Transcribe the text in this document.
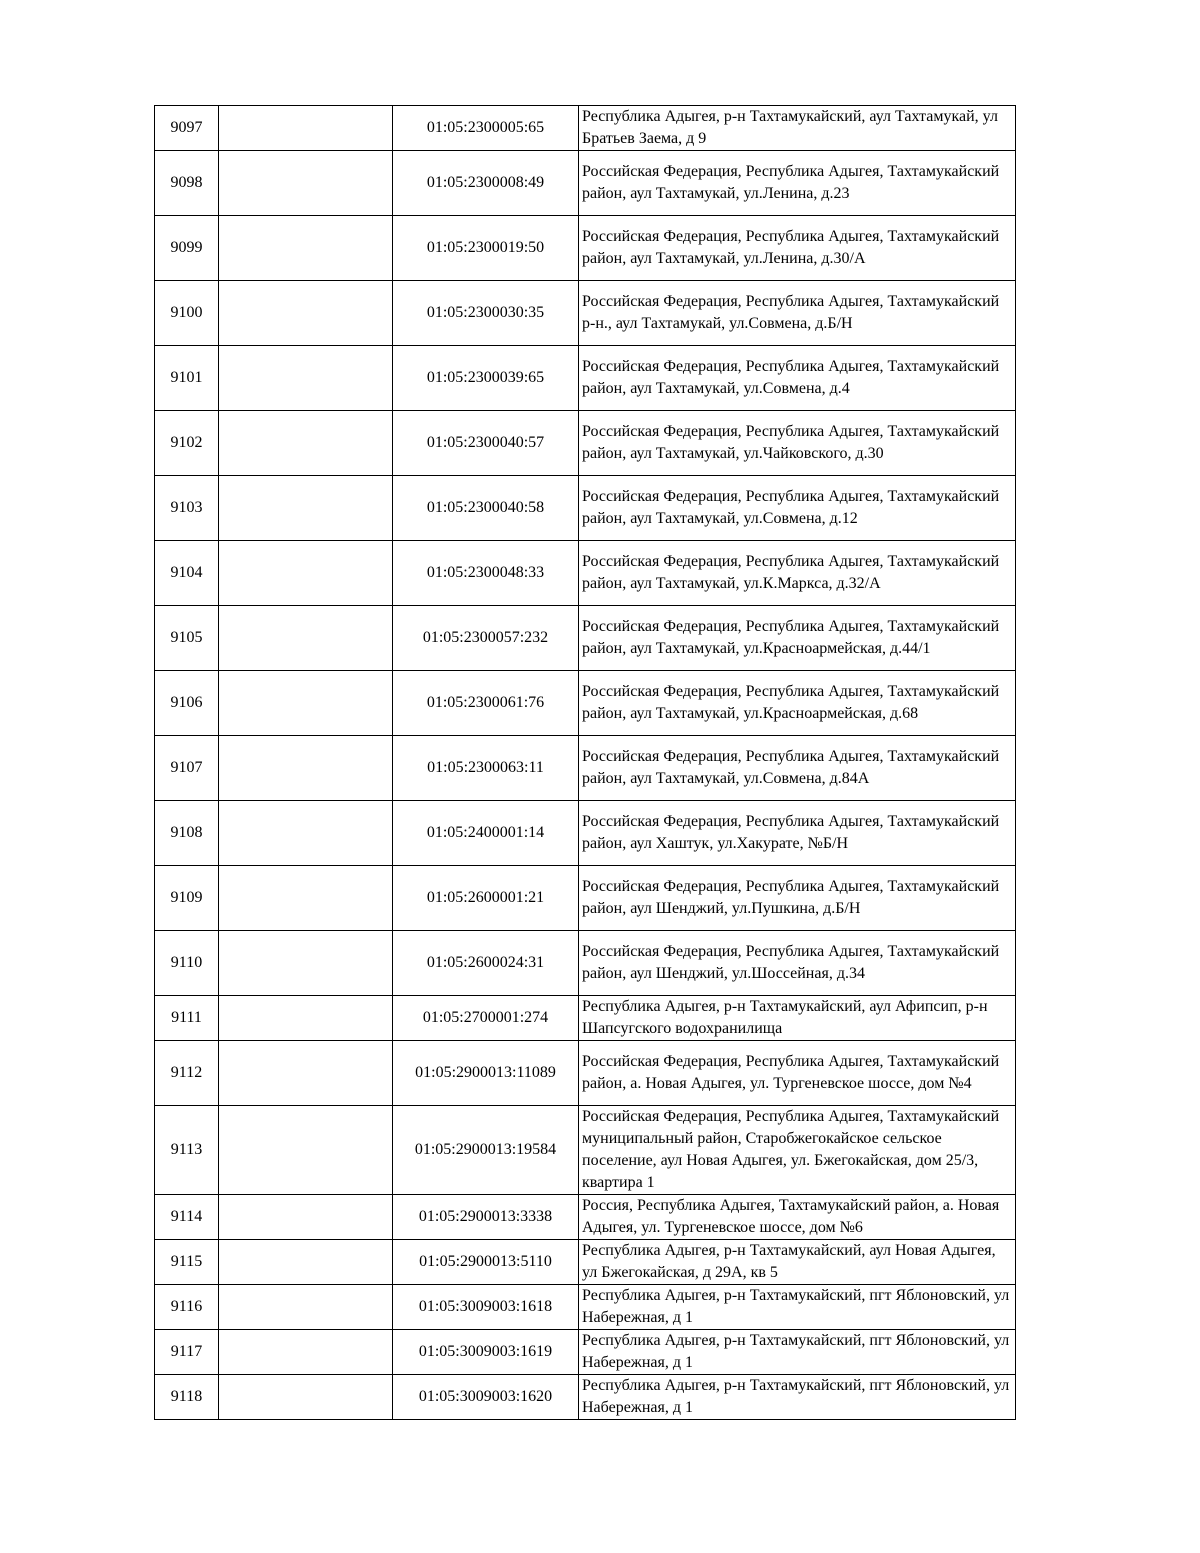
9097		01:05:2300005:65	Республика Адыгея, р-н Тахтамукайский, аул Тахтамукай, ул Братьев Заема, д 9
9098		01:05:2300008:49	Российская Федерация, Республика Адыгея, Тахтамукайский район, аул Тахтамукай, ул.Ленина, д.23
9099		01:05:2300019:50	Российская Федерация, Республика Адыгея, Тахтамукайский район, аул Тахтамукай, ул.Ленина, д.30/А
9100		01:05:2300030:35	Российская Федерация, Республика Адыгея, Тахтамукайский р-н., аул Тахтамукай, ул.Совмена, д.Б/Н
9101		01:05:2300039:65	Российская Федерация, Республика Адыгея, Тахтамукайский район, аул Тахтамукай, ул.Совмена, д.4
9102		01:05:2300040:57	Российская Федерация, Республика Адыгея, Тахтамукайский район, аул Тахтамукай, ул.Чайковского, д.30
9103		01:05:2300040:58	Российская Федерация, Республика Адыгея, Тахтамукайский район, аул Тахтамукай, ул.Совмена, д.12
9104		01:05:2300048:33	Российская Федерация, Республика Адыгея, Тахтамукайский район, аул Тахтамукай, ул.К.Маркса, д.32/А
9105		01:05:2300057:232	Российская Федерация, Республика Адыгея, Тахтамукайский район, аул Тахтамукай, ул.Красноармейская, д.44/1
9106		01:05:2300061:76	Российская Федерация, Республика Адыгея, Тахтамукайский район, аул Тахтамукай, ул.Красноармейская, д.68
9107		01:05:2300063:11	Российская Федерация, Республика Адыгея, Тахтамукайский район, аул Тахтамукай, ул.Совмена, д.84А
9108		01:05:2400001:14	Российская Федерация, Республика Адыгея, Тахтамукайский район, аул Хаштук, ул.Хакурате, №Б/Н
9109		01:05:2600001:21	Российская Федерация, Республика Адыгея, Тахтамукайский район, аул Шенджий, ул.Пушкина, д.Б/Н
9110		01:05:2600024:31	Российская Федерация, Республика Адыгея, Тахтамукайский район, аул Шенджий, ул.Шоссейная, д.34
9111		01:05:2700001:274	Республика Адыгея, р-н Тахтамукайский, аул Афипсип, р-н Шапсугского водохранилища
9112		01:05:2900013:11089	Российская Федерация, Республика Адыгея, Тахтамукайский район, а. Новая Адыгея, ул. Тургеневское шоссе, дом №4
9113		01:05:2900013:19584	Российская Федерация, Республика Адыгея, Тахтамукайский муниципальный район, Старобжегокайское сельское поселение, аул Новая Адыгея, ул. Бжегокайская, дом 25/3, квартира 1
9114		01:05:2900013:3338	Россия, Республика Адыгея, Тахтамукайский район, а. Новая Адыгея, ул. Тургеневское шоссе, дом №6
9115		01:05:2900013:5110	Республика Адыгея, р-н Тахтамукайский, аул Новая Адыгея, ул Бжегокайская, д 29А, кв 5
9116		01:05:3009003:1618	Республика Адыгея, р-н Тахтамукайский, пгт Яблоновский, ул Набережная, д 1
9117		01:05:3009003:1619	Республика Адыгея, р-н Тахтамукайский, пгт Яблоновский, ул Набережная, д 1
9118		01:05:3009003:1620	Республика Адыгея, р-н Тахтамукайский, пгт Яблоновский, ул Набережная, д 1
